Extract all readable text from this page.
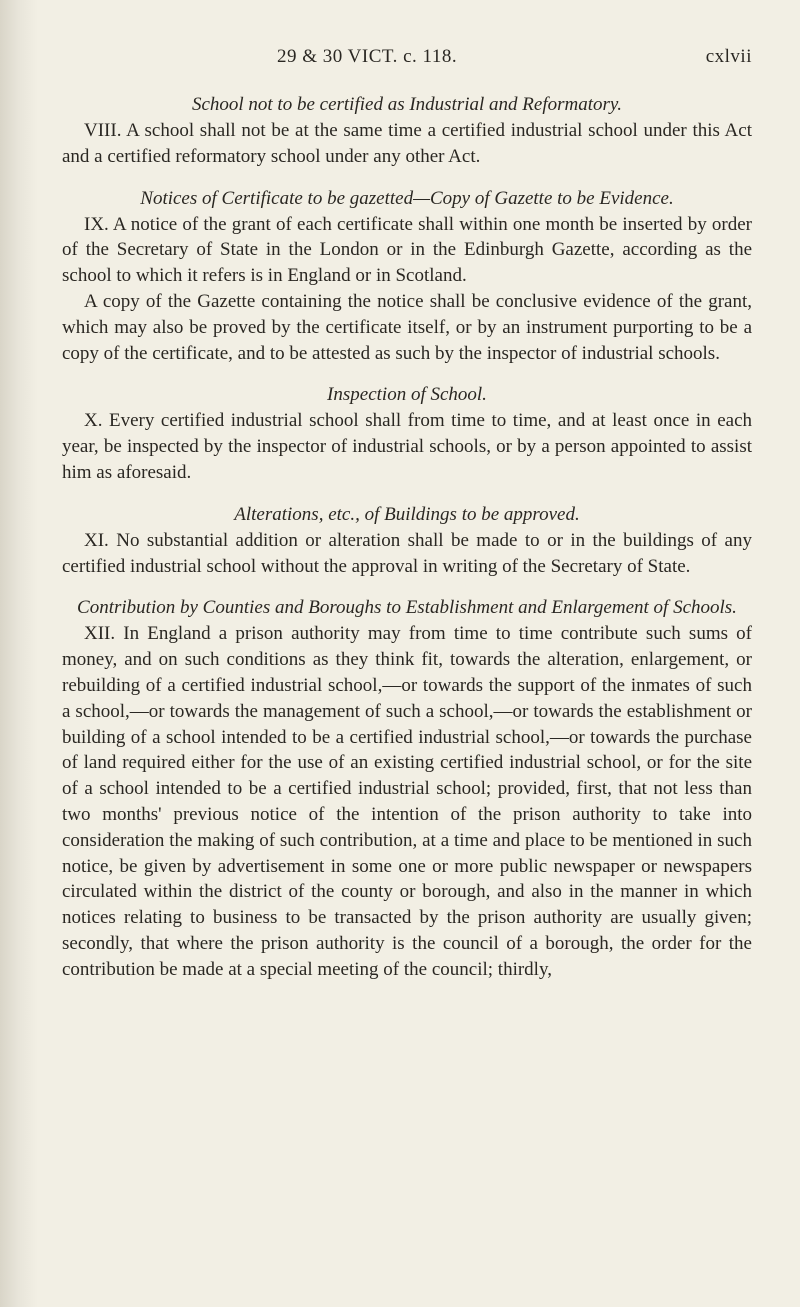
29 & 30 VICT. c. 118.	cxlvii

School not to be certified as Industrial and Reformatory.

VIII. A school shall not be at the same time a certified industrial school under this Act and a certified reformatory school under any other Act.

Notices of Certificate to be gazetted—Copy of Gazette to be Evidence.

IX. A notice of the grant of each certificate shall within one month be inserted by order of the Secretary of State in the London or in the Edinburgh Gazette, according as the school to which it refers is in England or in Scotland.

A copy of the Gazette containing the notice shall be conclusive evidence of the grant, which may also be proved by the certificate itself, or by an instrument purporting to be a copy of the certificate, and to be attested as such by the inspector of industrial schools.

Inspection of School.

X. Every certified industrial school shall from time to time, and at least once in each year, be inspected by the inspector of industrial schools, or by a person appointed to assist him as aforesaid.

Alterations, etc., of Buildings to be approved.

XI. No substantial addition or alteration shall be made to or in the buildings of any certified industrial school without the approval in writing of the Secretary of State.

Contribution by Counties and Boroughs to Establishment and Enlargement of Schools.

XII. In England a prison authority may from time to time contribute such sums of money, and on such conditions as they think fit, towards the alteration, enlargement, or rebuilding of a certified industrial school,—or towards the support of the inmates of such a school,—or towards the management of such a school,—or towards the establishment or building of a school intended to be a certified industrial school,—or towards the purchase of land required either for the use of an existing certified industrial school, or for the site of a school intended to be a certified industrial school; provided, first, that not less than two months' previous notice of the intention of the prison authority to take into consideration the making of such contribution, at a time and place to be mentioned in such notice, be given by advertisement in some one or more public newspaper or newspapers circulated within the district of the county or borough, and also in the manner in which notices relating to business to be transacted by the prison authority are usually given; secondly, that where the prison authority is the council of a borough, the order for the contribution be made at a special meeting of the council; thirdly,
